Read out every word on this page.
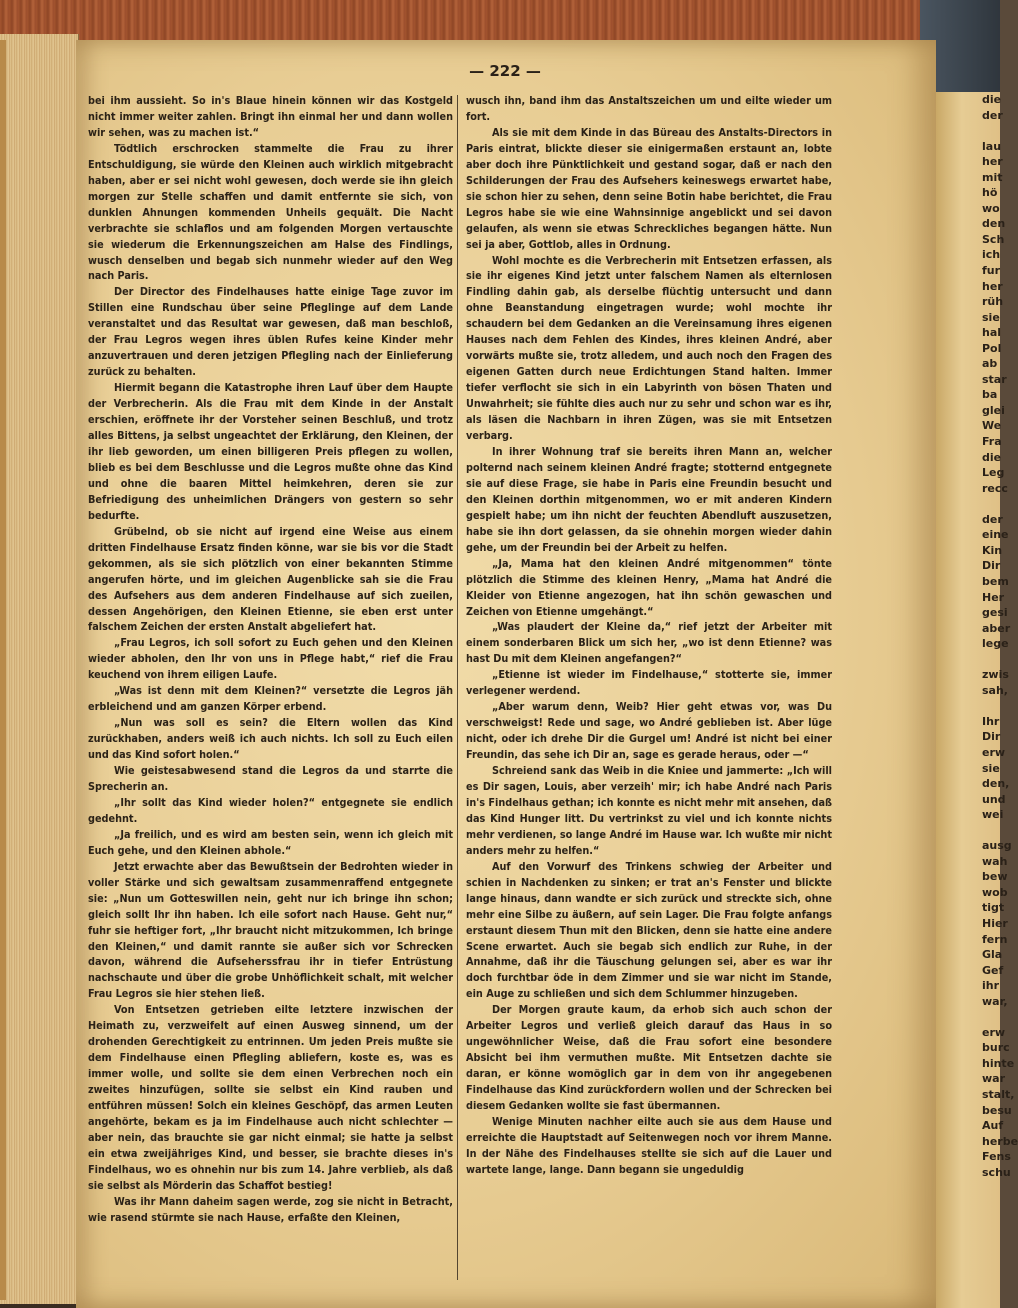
die
der

lau
her
mit
hö
wo
den
Sch
ich
fur
her
rüh
sie
hal
Pol
ab
star
ba
glei
We
Fra
die
Leg
recc

der
eine
Kin
Dir
bem
Her
gesi
aber
lege

zwis
sah,

Ihr
Dir
erw
sie
den,
und
wei

ausg
wah
bew
wob
tigt
Hier
fern
Gla
Gef
ihr
war,

erw
burc
hinte
war
stalt,
besu
Auf
herbe
Fens
schu
— 222 —

bei ihm aussieht. So in's Blaue hinein können wir das Kostgeld nicht immer weiter zahlen. Bringt ihn einmal her und dann wollen wir sehen, was zu machen ist.“

Tödtlich erschrocken stammelte die Frau zu ihrer Entschuldigung, sie würde den Kleinen auch wirklich mitgebracht haben, aber er sei nicht wohl gewesen, doch werde sie ihn gleich morgen zur Stelle schaffen und damit entfernte sie sich, von dunklen Ahnungen kommenden Unheils gequält. Die Nacht verbrachte sie schlaflos und am folgenden Morgen vertauschte sie wiederum die Erkennungszeichen am Halse des Findlings, wusch denselben und begab sich nunmehr wieder auf den Weg nach Paris.

Der Director des Findelhauses hatte einige Tage zuvor im Stillen eine Rundschau über seine Pfleglinge auf dem Lande veranstaltet und das Resultat war gewesen, daß man beschloß, der Frau Legros wegen ihres üblen Rufes keine Kinder mehr anzuvertrauen und deren jetzigen Pflegling nach der Einlieferung zurück zu behalten.

Hiermit begann die Katastrophe ihren Lauf über dem Haupte der Verbrecherin. Als die Frau mit dem Kinde in der Anstalt erschien, eröffnete ihr der Vorsteher seinen Beschluß, und trotz alles Bittens, ja selbst ungeachtet der Erklärung, den Kleinen, der ihr lieb geworden, um einen billigeren Preis pflegen zu wollen, blieb es bei dem Beschlusse und die Legros mußte ohne das Kind und ohne die baaren Mittel heimkehren, deren sie zur Befriedigung des unheimlichen Drängers von gestern so sehr bedurfte.

Grübelnd, ob sie nicht auf irgend eine Weise aus einem dritten Findelhause Ersatz finden könne, war sie bis vor die Stadt gekommen, als sie sich plötzlich von einer bekannten Stimme angerufen hörte, und im gleichen Augenblicke sah sie die Frau des Aufsehers aus dem anderen Findelhause auf sich zueilen, dessen Angehörigen, den Kleinen Etienne, sie eben erst unter falschem Zeichen der ersten Anstalt abgeliefert hat.

„Frau Legros, ich soll sofort zu Euch gehen und den Kleinen wieder abholen, den Ihr von uns in Pflege habt,“ rief die Frau keuchend von ihrem eiligen Laufe.

„Was ist denn mit dem Kleinen?“ versetzte die Legros jäh erbleichend und am ganzen Körper erbend.

„Nun was soll es sein? die Eltern wollen das Kind zurückhaben, anders weiß ich auch nichts. Ich soll zu Euch eilen und das Kind sofort holen.“

Wie geistesabwesend stand die Legros da und starrte die Sprecherin an.

„Ihr sollt das Kind wieder holen?“ entgegnete sie endlich gedehnt.

„Ja freilich, und es wird am besten sein, wenn ich gleich mit Euch gehe, und den Kleinen abhole.“

Jetzt erwachte aber das Bewußtsein der Bedrohten wieder in voller Stärke und sich gewaltsam zusammenraffend entgegnete sie: „Nun um Gotteswillen nein, geht nur ich bringe ihn schon; gleich sollt Ihr ihn haben. Ich eile sofort nach Hause. Geht nur,“ fuhr sie heftiger fort, „Ihr braucht nicht mitzukommen, Ich bringe den Kleinen,“ und damit rannte sie außer sich vor Schrecken davon, während die Aufseherssfrau ihr in tiefer Entrüstung nachschaute und über die grobe Unhöflichkeit schalt, mit welcher Frau Legros sie hier stehen ließ.

Von Entsetzen getrieben eilte letztere inzwischen der Heimath zu, verzweifelt auf einen Ausweg sinnend, um der drohenden Gerechtigkeit zu entrinnen. Um jeden Preis mußte sie dem Findelhause einen Pflegling abliefern, koste es, was es immer wolle, und sollte sie dem einen Verbrechen noch ein zweites hinzufügen, sollte sie selbst ein Kind rauben und entführen müssen! Solch ein kleines Geschöpf, das armen Leuten angehörte, bekam es ja im Findelhause auch nicht schlechter — aber nein, das brauchte sie gar nicht einmal; sie hatte ja selbst ein etwa zweijähriges Kind, und besser, sie brachte dieses in's Findelhaus, wo es ohnehin nur bis zum 14. Jahre verblieb, als daß sie selbst als Mörderin das Schaffot bestieg!

Was ihr Mann daheim sagen werde, zog sie nicht in Betracht, wie rasend stürmte sie nach Hause, erfaßte den Kleinen,

wusch ihn, band ihm das Anstaltszeichen um und eilte wieder um fort.

Als sie mit dem Kinde in das Büreau des Anstalts-Directors in Paris eintrat, blickte dieser sie einigermaßen erstaunt an, lobte aber doch ihre Pünktlichkeit und gestand sogar, daß er nach den Schilderungen der Frau des Aufsehers keineswegs erwartet habe, sie schon hier zu sehen, denn seine Botin habe berichtet, die Frau Legros habe sie wie eine Wahnsinnige angeblickt und sei davon gelaufen, als wenn sie etwas Schreckliches begangen hätte. Nun sei ja aber, Gottlob, alles in Ordnung.

Wohl mochte es die Verbrecherin mit Entsetzen erfassen, als sie ihr eigenes Kind jetzt unter falschem Namen als elternlosen Findling dahin gab, als derselbe flüchtig untersucht und dann ohne Beanstandung eingetragen wurde; wohl mochte ihr schaudern bei dem Gedanken an die Vereinsamung ihres eigenen Hauses nach dem Fehlen des Kindes, ihres kleinen André, aber vorwärts mußte sie, trotz alledem, und auch noch den Fragen des eigenen Gatten durch neue Erdichtungen Stand halten. Immer tiefer verflocht sie sich in ein Labyrinth von bösen Thaten und Unwahrheit; sie fühlte dies auch nur zu sehr und schon war es ihr, als läsen die Nachbarn in ihren Zügen, was sie mit Entsetzen verbarg.

In ihrer Wohnung traf sie bereits ihren Mann an, welcher polternd nach seinem kleinen André fragte; stotternd entgegnete sie auf diese Frage, sie habe in Paris eine Freundin besucht und den Kleinen dorthin mitgenommen, wo er mit anderen Kindern gespielt habe; um ihn nicht der feuchten Abendluft auszusetzen, habe sie ihn dort gelassen, da sie ohnehin morgen wieder dahin gehe, um der Freundin bei der Arbeit zu helfen.

„Ja, Mama hat den kleinen André mitgenommen“ tönte plötzlich die Stimme des kleinen Henry, „Mama hat André die Kleider von Etienne angezogen, hat ihn schön gewaschen und Zeichen von Etienne umgehängt.“

„Was plaudert der Kleine da,“ rief jetzt der Arbeiter mit einem sonderbaren Blick um sich her, „wo ist denn Etienne? was hast Du mit dem Kleinen angefangen?“

„Etienne ist wieder im Findelhause,“ stotterte sie, immer verlegener werdend.

„Aber warum denn, Weib? Hier geht etwas vor, was Du verschweigst! Rede und sage, wo André geblieben ist. Aber lüge nicht, oder ich drehe Dir die Gurgel um! André ist nicht bei einer Freundin, das sehe ich Dir an, sage es gerade heraus, oder —“

Schreiend sank das Weib in die Kniee und jammerte: „Ich will es Dir sagen, Louis, aber verzeih' mir; ich habe André nach Paris in's Findelhaus gethan; ich konnte es nicht mehr mit ansehen, daß das Kind Hunger litt. Du vertrinkst zu viel und ich konnte nichts mehr verdienen, so lange André im Hause war. Ich wußte mir nicht anders mehr zu helfen.“

Auf den Vorwurf des Trinkens schwieg der Arbeiter und schien in Nachdenken zu sinken; er trat an's Fenster und blickte lange hinaus, dann wandte er sich zurück und streckte sich, ohne mehr eine Silbe zu äußern, auf sein Lager. Die Frau folgte anfangs erstaunt diesem Thun mit den Blicken, denn sie hatte eine andere Scene erwartet. Auch sie begab sich endlich zur Ruhe, in der Annahme, daß ihr die Täuschung gelungen sei, aber es war ihr doch furchtbar öde in dem Zimmer und sie war nicht im Stande, ein Auge zu schließen und sich dem Schlummer hinzugeben.

Der Morgen graute kaum, da erhob sich auch schon der Arbeiter Legros und verließ gleich darauf das Haus in so ungewöhnlicher Weise, daß die Frau sofort eine besondere Absicht bei ihm vermuthen mußte. Mit Entsetzen dachte sie daran, er könne womöglich gar in dem von ihr angegebenen Findelhause das Kind zurückfordern wollen und der Schrecken bei diesem Gedanken wollte sie fast übermannen.

Wenige Minuten nachher eilte auch sie aus dem Hause und erreichte die Hauptstadt auf Seitenwegen noch vor ihrem Manne. In der Nähe des Findelhauses stellte sie sich auf die Lauer und wartete lange, lange. Dann begann sie ungeduldig
